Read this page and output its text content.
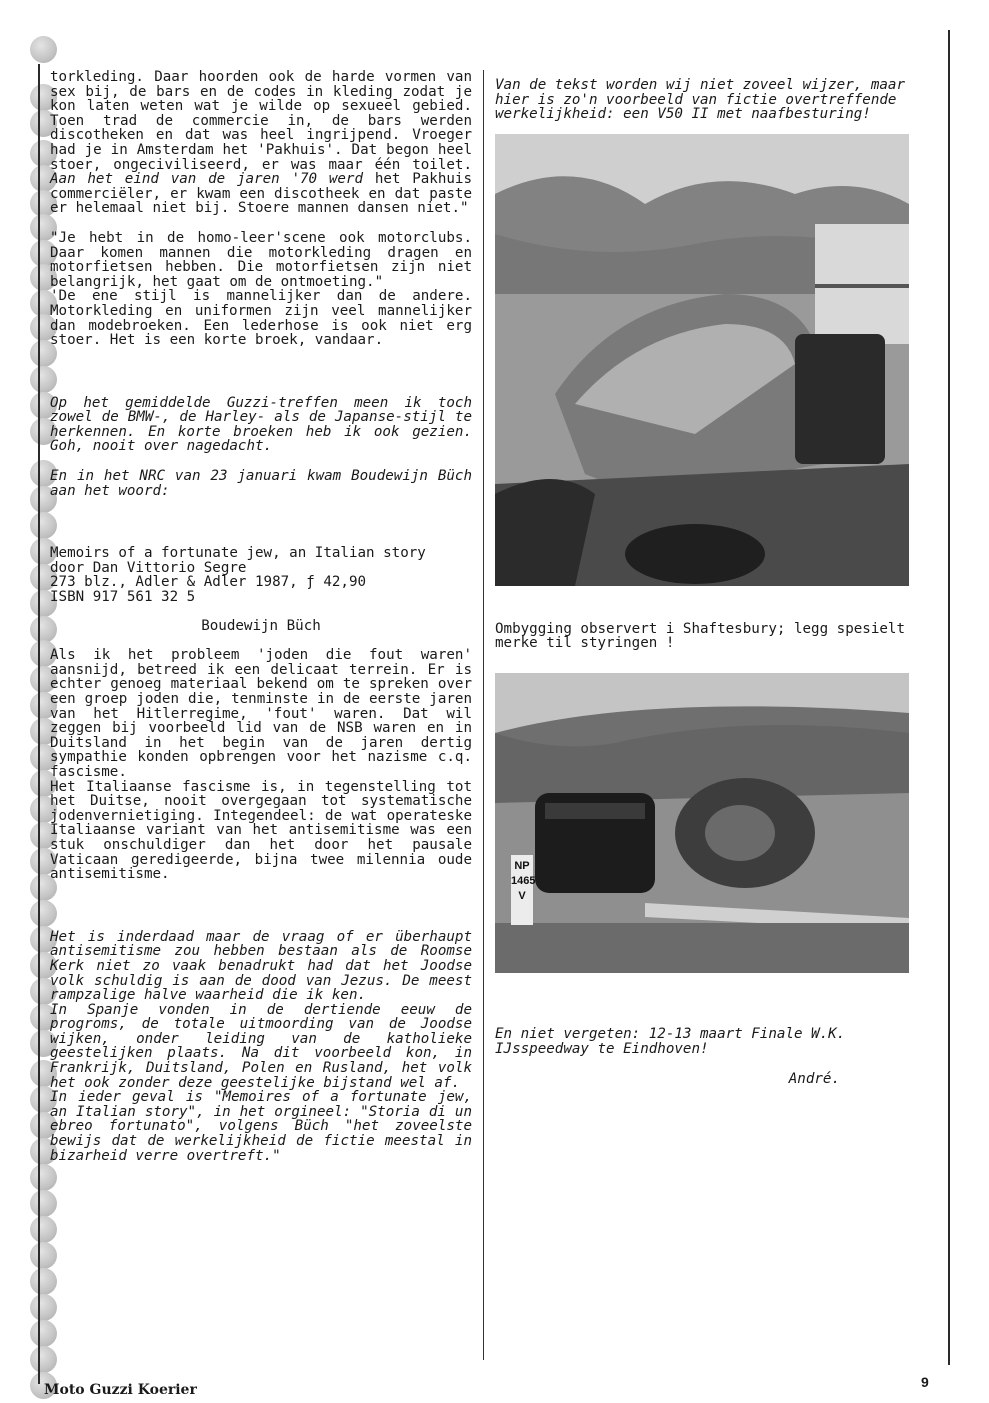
torkleding. Daar hoorden ook de harde vormen van sex bij, de bars en de codes in kleding zodat je kon laten weten wat je wilde op sexueel gebied. Toen trad de commercie in, de bars werden discotheken en dat was heel ingrijpend. Vroeger had je in Amsterdam het 'Pakhuis'. Dat begon heel stoer, ongeciviliseerd, er was maar één toilet. Aan het eind van de jaren '70 werd het Pakhuis commerciëler, er kwam een discotheek en dat paste er helemaal niet bij. Stoere mannen dansen niet."

"Je hebt in de homo-leer'scene ook motorclubs. Daar komen mannen die motorkleding dragen en motorfietsen hebben. Die motorfietsen zijn niet belangrijk, het gaat om de ontmoeting."

'De ene stijl is mannelijker dan de andere. Motorkleding en uniformen zijn veel mannelijker dan modebroeken. Een lederhose is ook niet erg stoer. Het is een korte broek, vandaar.

Op het gemiddelde Guzzi-treffen meen ik toch zowel de BMW-, de Harley- als de Japanse-stijl te herkennen. En korte broeken heb ik ook gezien. Goh, nooit over nagedacht.

En in het NRC van 23 januari kwam Boudewijn Büch aan het woord:

Memoirs of a fortunate jew, an Italian story

door Dan Vittorio Segre

273 blz., Adler & Adler 1987, ƒ 42,90

ISBN 917 561 32 5

Boudewijn Büch

Als ik het probleem 'joden die fout waren' aansnijd, betreed ik een delicaat terrein. Er is echter genoeg materiaal bekend om te spreken over een groep joden die, tenminste in de eerste jaren van het Hitlerregime, 'fout' waren. Dat wil zeggen bij voorbeeld lid van de NSB waren en in Duitsland in het begin van de jaren dertig sympathie konden opbrengen voor het nazisme c.q. fascisme.

Het Italiaanse fascisme is, in tegenstelling tot het Duitse, nooit overgegaan tot systematische jodenvernietiging. Integendeel: de wat operateske Italiaanse variant van het antisemitisme was een stuk onschuldiger dan het door het pausale Vaticaan geredigeerde, bijna twee milennia oude antisemitisme.

Het is inderdaad maar de vraag of er überhaupt antisemitisme zou hebben bestaan als de Roomse Kerk niet zo vaak benadrukt had dat het Joodse volk schuldig is aan de dood van Jezus. De meest rampzalige halve waarheid die ik ken.

In Spanje vonden in de dertiende eeuw de progroms, de totale uitmoording van de Joodse wijken, onder leiding van de katholieke geestelijken plaats. Na dit voorbeeld kon, in Frankrijk, Duitsland, Polen en Rusland, het volk het ook zonder deze geestelijke bijstand wel af.

In ieder geval is "Memoires of a fortunate jew, an Italian story", in het orgineel: "Storia di un ebreo fortunato", volgens Büch "het zoveelste bewijs dat de werkelijkheid de fictie meestal in bizarheid verre overtreft."

Van de tekst worden wij niet zoveel wijzer, maar hier is zo'n voorbeeld van fictie overtreffende werkelijkheid: een V50 II met naafbesturing!

Ombygging observert i Shaftesbury; legg spesielt merke til styringen !

NP 1465 V

En niet vergeten: 12-13 maart Finale W.K. IJsspeedway te Eindhoven!

André.

Moto Guzzi Koerier	9
